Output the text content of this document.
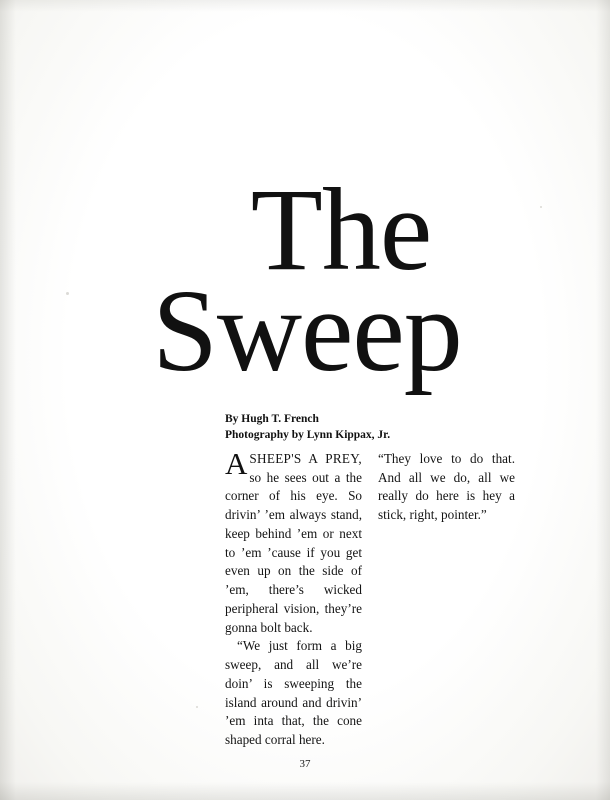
The
Sweep
By Hugh T. French
Photography by Lynn Kippax, Jr.

A SHEEP'S A PREY, so he sees out a the corner of his eye. So drivin’ ’em always stand, keep behind ’em or next to ’em ’cause if you get even up on the side of ’em, there’s wicked peripheral vision, they’re gonna bolt back.

“We just form a big sweep, and all we’re doin’ is sweeping the island around and drivin’ ’em inta that, the cone shaped corral here.

“They love to do that. And all we do, all we really do here is hey a stick, right, pointer.”

37
